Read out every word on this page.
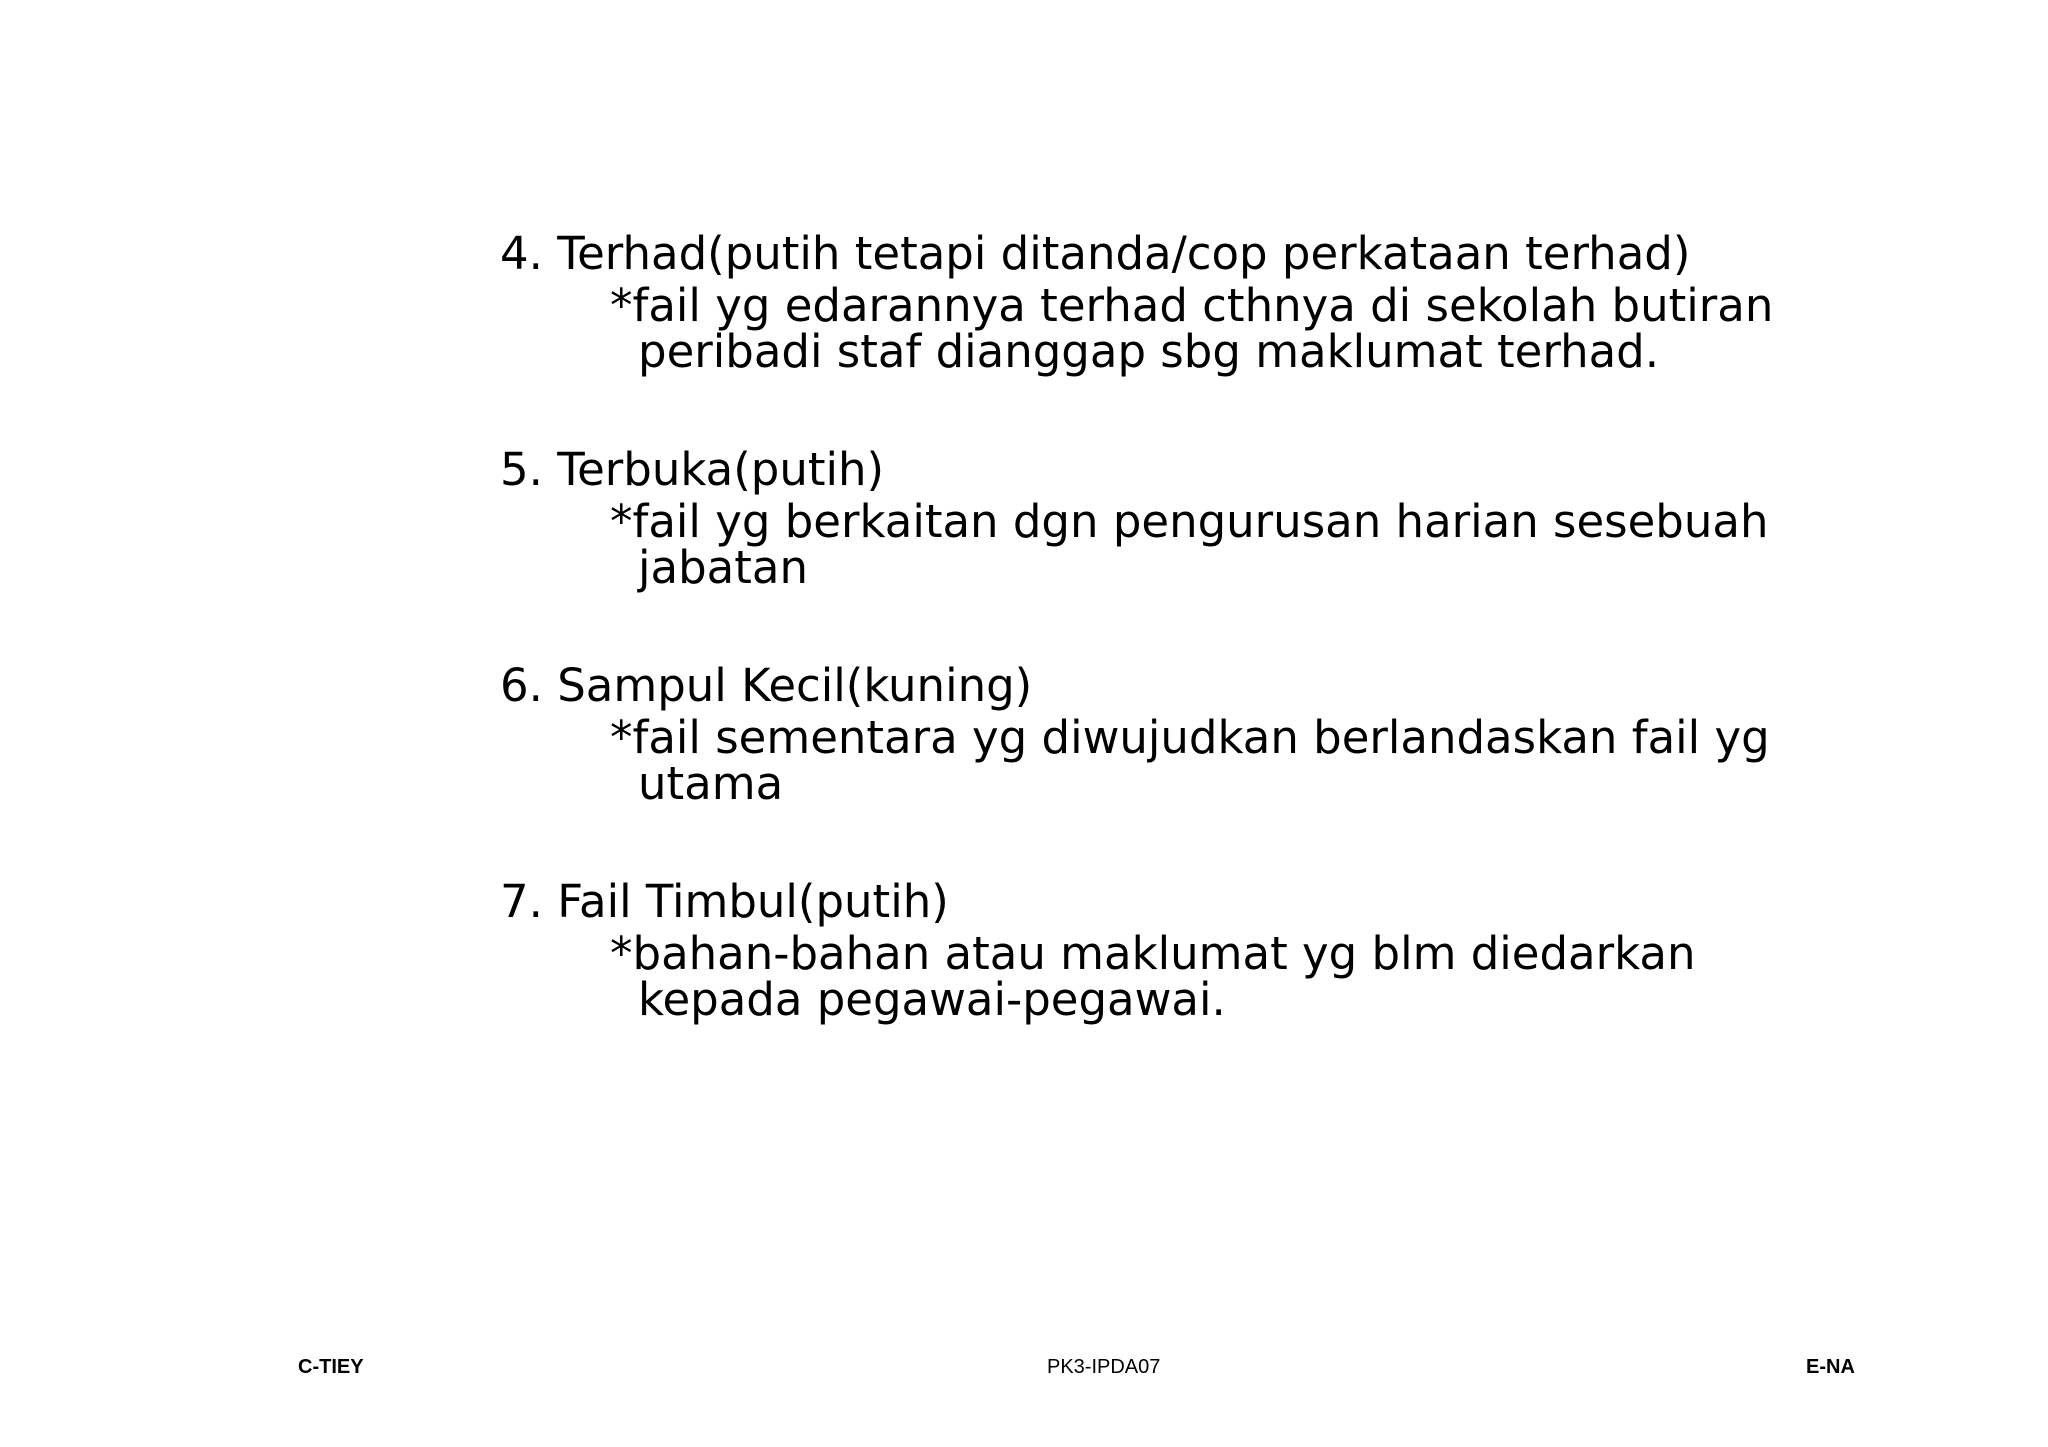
4. Terhad(putih tetapi ditanda/cop perkataan terhad)

*fail yg edarannya terhad cthnya di sekolah butiran peribadi staf dianggap sbg maklumat terhad.

5. Terbuka(putih)

*fail yg berkaitan dgn pengurusan harian sesebuah jabatan

6. Sampul Kecil(kuning)

*fail sementara yg diwujudkan berlandaskan fail yg utama

7. Fail Timbul(putih)

*bahan-bahan atau maklumat yg blm diedarkan kepada pegawai-pegawai.

C-TIEY	PK3-IPDA07	E-NA
